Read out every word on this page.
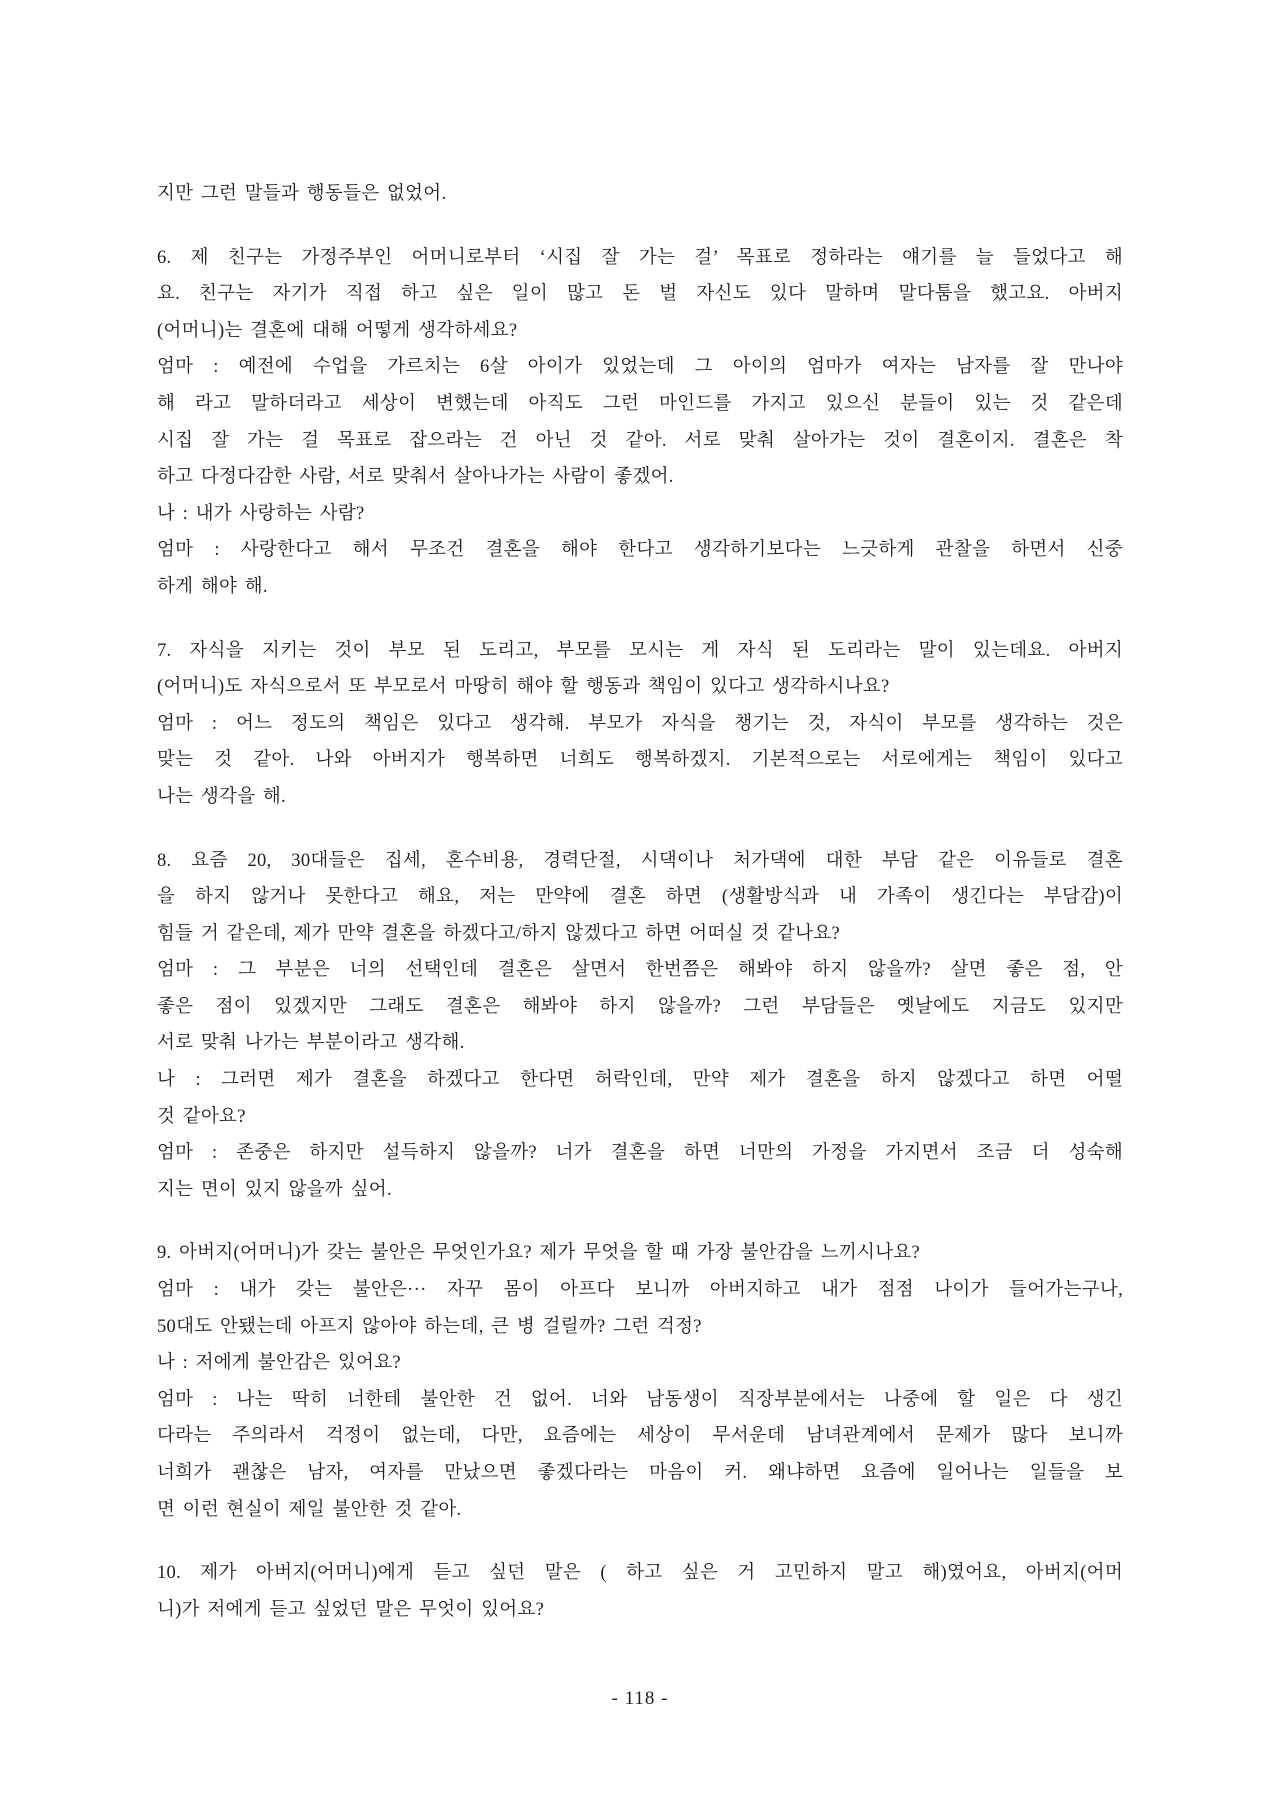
지만 그런 말들과 행동들은 없었어.
6. 제 친구는 가정주부인 어머니로부터 ‘시집 잘 가는 걸’ 목표로 정하라는 얘기를 늘 들었다고 해
요. 친구는 자기가 직접 하고 싶은 일이 많고 돈 벌 자신도 있다 말하며 말다툼을 했고요. 아버지
(어머니)는 결혼에 대해 어떻게 생각하세요?
엄마 : 예전에 수업을 가르치는 6살 아이가 있었는데 그 아이의 엄마가 여자는 남자를 잘 만나야
해 라고 말하더라고 세상이 변했는데 아직도 그런 마인드를 가지고 있으신 분들이 있는 것 같은데
시집 잘 가는 걸 목표로 잡으라는 건 아닌 것 같아. 서로 맞춰 살아가는 것이 결혼이지. 결혼은 착
하고 다정다감한 사람, 서로 맞춰서 살아나가는 사람이 좋겠어.
나 : 내가 사랑하는 사람?
엄마 : 사랑한다고 해서 무조건 결혼을 해야 한다고 생각하기보다는 느긋하게 관찰을 하면서 신중
하게 해야 해.
7. 자식을 지키는 것이 부모 된 도리고, 부모를 모시는 게 자식 된 도리라는 말이 있는데요. 아버지
(어머니)도 자식으로서 또 부모로서 마땅히 해야 할 행동과 책임이 있다고 생각하시나요?
엄마 : 어느 정도의 책임은 있다고 생각해. 부모가 자식을 챙기는 것, 자식이 부모를 생각하는 것은
맞는 것 같아. 나와 아버지가 행복하면 너희도 행복하겠지. 기본적으로는 서로에게는 책임이 있다고
나는 생각을 해.
8. 요즘 20, 30대들은 집세, 혼수비용, 경력단절, 시댁이나 처가댁에 대한 부담 같은 이유들로 결혼
을 하지 않거나 못한다고 해요, 저는 만약에 결혼 하면 (생활방식과 내 가족이 생긴다는 부담감)이
힘들 거 같은데, 제가 만약 결혼을 하겠다고/하지 않겠다고 하면 어떠실 것 같나요?
엄마 : 그 부분은 너의 선택인데 결혼은 살면서 한번쯤은 해봐야 하지 않을까? 살면 좋은 점, 안
좋은 점이 있겠지만 그래도 결혼은 해봐야 하지 않을까? 그런 부담들은 옛날에도 지금도 있지만
서로 맞춰 나가는 부분이라고 생각해.
나 : 그러면 제가 결혼을 하겠다고 한다면 허락인데, 만약 제가 결혼을 하지 않겠다고 하면 어떨
것 같아요?
엄마 : 존중은 하지만 설득하지 않을까? 너가 결혼을 하면 너만의 가정을 가지면서 조금 더 성숙해
지는 면이 있지 않을까 싶어.
9. 아버지(어머니)가 갖는 불안은 무엇인가요? 제가 무엇을 할 때 가장 불안감을 느끼시나요?
엄마 : 내가 갖는 불안은··· 자꾸 몸이 아프다 보니까 아버지하고 내가 점점 나이가 들어가는구나,
50대도 안됐는데 아프지 않아야 하는데, 큰 병 걸릴까? 그런 걱정?
나 : 저에게 불안감은 있어요?
엄마 : 나는 딱히 너한테 불안한 건 없어. 너와 남동생이 직장부분에서는 나중에 할 일은 다 생긴
다라는 주의라서 걱정이 없는데, 다만, 요즘에는 세상이 무서운데 남녀관계에서 문제가 많다 보니까
너희가 괜찮은 남자, 여자를 만났으면 좋겠다라는 마음이 커. 왜냐하면 요즘에 일어나는 일들을 보
면 이런 현실이 제일 불안한 것 같아.
10. 제가 아버지(어머니)에게 듣고 싶던 말은 ( 하고 싶은 거 고민하지 말고 해)였어요, 아버지(어머
니)가 저에게 듣고 싶었던 말은 무엇이 있어요?
- 118 -
